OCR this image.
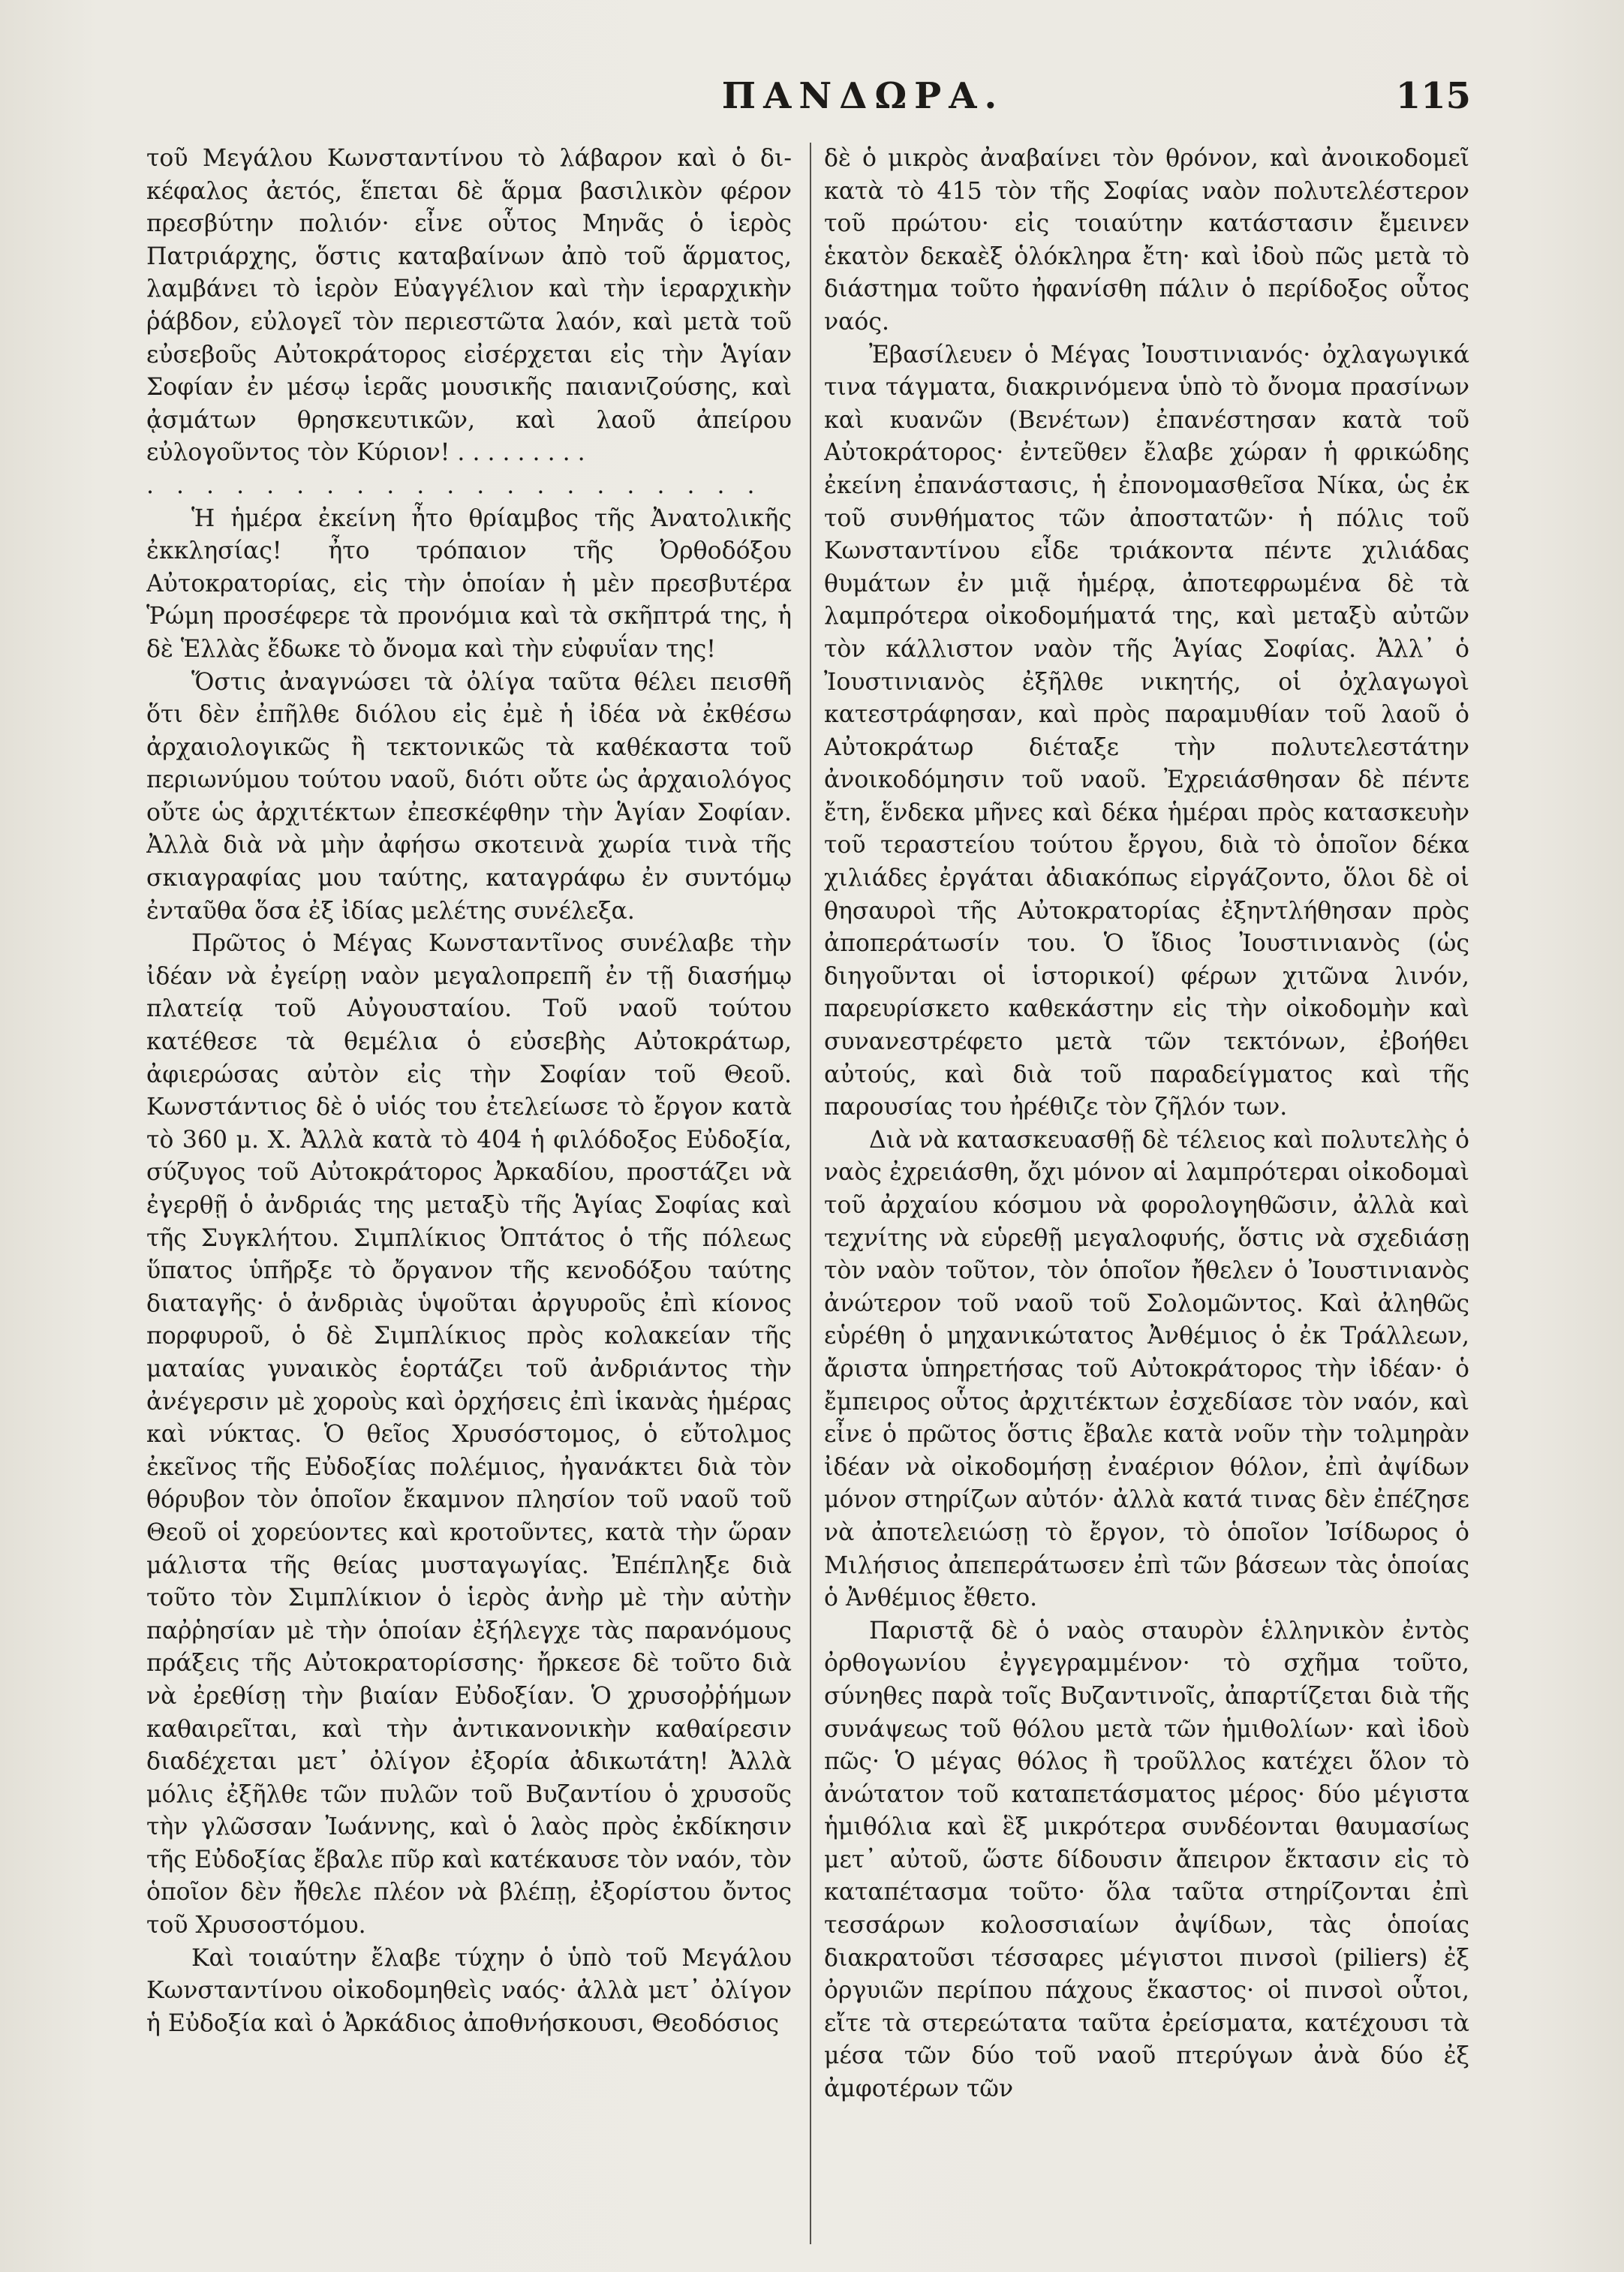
ΠΑΝΔΩΡΑ.	115

τοῦ Μεγάλου Κωνσταντίνου τὸ λάβαρον καὶ ὁ δι-κέφαλος ἀετός, ἕπεται δὲ ἅρμα βασιλικὸν φέρον πρεσβύτην πολιόν· εἶνε οὗτος Μηνᾶς ὁ ἱερὸς Πατριάρχης, ὅστις καταβαίνων ἀπὸ τοῦ ἅρματος, λαμβάνει τὸ ἱερὸν Εὐαγγέλιον καὶ τὴν ἱεραρχικὴν ῥάβδον, εὐλογεῖ τὸν περιεστῶτα λαόν, καὶ μετὰ τοῦ εὐσεβοῦς Αὐτοκράτορος εἰσέρχεται εἰς τὴν Ἁγίαν Σοφίαν ἐν μέσῳ ἱερᾶς μουσικῆς παιανιζούσης, καὶ ᾀσμάτων θρησκευτικῶν, καὶ λαοῦ ἀπείρου εὐλογοῦντος τὸν Κύριον! . . . . . . . . .

. . . . . . . . . . . . . . . . . . . . .

Ἡ ἡμέρα ἐκείνη ἦτο θρίαμβος τῆς Ἀνατολικῆς ἐκκλησίας! ἦτο τρόπαιον τῆς Ὀρθοδόξου Αὐτοκρατορίας, εἰς τὴν ὁποίαν ἡ μὲν πρεσβυτέρα Ῥώμη προσέφερε τὰ προνόμια καὶ τὰ σκῆπτρά της, ἡ δὲ Ἑλλὰς ἔδωκε τὸ ὄνομα καὶ τὴν εὐφυΐαν της!

Ὅστις ἀναγνώσει τὰ ὀλίγα ταῦτα θέλει πεισθῆ ὅτι δὲν ἐπῆλθε διόλου εἰς ἐμὲ ἡ ἰδέα νὰ ἐκθέσω ἀρχαιολογικῶς ἢ τεκτονικῶς τὰ καθέκαστα τοῦ περιωνύμου τούτου ναοῦ, διότι οὔτε ὡς ἀρχαιολόγος οὔτε ὡς ἀρχιτέκτων ἐπεσκέφθην τὴν Ἁγίαν Σοφίαν. Ἀλλὰ διὰ νὰ μὴν ἀφήσω σκοτεινὰ χωρία τινὰ τῆς σκιαγραφίας μου ταύτης, καταγράφω ἐν συντόμῳ ἐνταῦθα ὅσα ἐξ ἰδίας μελέτης συνέλεξα.

Πρῶτος ὁ Μέγας Κωνσταντῖνος συνέλαβε τὴν ἰδέαν νὰ ἐγείρῃ ναὸν μεγαλοπρεπῆ ἐν τῇ διασήμῳ πλατείᾳ τοῦ Αὐγουσταίου. Τοῦ ναοῦ τούτου κατέθεσε τὰ θεμέλια ὁ εὐσεβὴς Αὐτοκράτωρ, ἀφιερώσας αὐτὸν εἰς τὴν Σοφίαν τοῦ Θεοῦ. Κωνστάντιος δὲ ὁ υἱός του ἐτελείωσε τὸ ἔργον κατὰ τὸ 360 μ. Χ. Ἀλλὰ κατὰ τὸ 404 ἡ φιλόδοξος Εὐδοξία, σύζυγος τοῦ Αὐτοκράτορος Ἀρκαδίου, προστάζει νὰ ἐγερθῇ ὁ ἀνδριάς της μεταξὺ τῆς Ἁγίας Σοφίας καὶ τῆς Συγκλήτου. Σιμπλίκιος Ὀπτάτος ὁ τῆς πόλεως ὕπατος ὑπῆρξε τὸ ὄργανον τῆς κενοδόξου ταύτης διαταγῆς· ὁ ἀνδριὰς ὑψοῦται ἀργυροῦς ἐπὶ κίονος πορφυροῦ, ὁ δὲ Σιμπλίκιος πρὸς κολακείαν τῆς ματαίας γυναικὸς ἑορτάζει τοῦ ἀνδριάντος τὴν ἀνέγερσιν μὲ χοροὺς καὶ ὀρχήσεις ἐπὶ ἱκανὰς ἡμέρας καὶ νύκτας. Ὁ θεῖος Χρυσόστομος, ὁ εὔτολμος ἐκεῖνος τῆς Εὐδοξίας πολέμιος, ἠγανάκτει διὰ τὸν θόρυβον τὸν ὁποῖον ἔκαμνον πλησίον τοῦ ναοῦ τοῦ Θεοῦ οἱ χορεύοντες καὶ κροτοῦντες, κατὰ τὴν ὥραν μάλιστα τῆς θείας μυσταγωγίας. Ἐπέπληξε διὰ τοῦτο τὸν Σιμπλίκιον ὁ ἱερὸς ἀνὴρ μὲ τὴν αὐτὴν παῤῥησίαν μὲ τὴν ὁποίαν ἐξήλεγχε τὰς παρανόμους πράξεις τῆς Αὐτοκρατορίσσης· ἤρκεσε δὲ τοῦτο διὰ νὰ ἐρεθίσῃ τὴν βιαίαν Εὐδοξίαν. Ὁ χρυσοῤῥήμων καθαιρεῖται, καὶ τὴν ἀντικανονικὴν καθαίρεσιν διαδέχεται μετ᾽ ὀλίγον ἐξορία ἀδικωτάτη! Ἀλλὰ μόλις ἐξῆλθε τῶν πυλῶν τοῦ Βυζαντίου ὁ χρυσοῦς τὴν γλῶσσαν Ἰωάννης, καὶ ὁ λαὸς πρὸς ἐκδίκησιν τῆς Εὐδοξίας ἔβαλε πῦρ καὶ κατέκαυσε τὸν ναόν, τὸν ὁποῖον δὲν ἤθελε πλέον νὰ βλέπῃ, ἐξορίστου ὄντος τοῦ Χρυσοστόμου.

Καὶ τοιαύτην ἔλαβε τύχην ὁ ὑπὸ τοῦ Μεγάλου Κωνσταντίνου οἰκοδομηθεὶς ναός· ἀλλὰ μετ᾽ ὀλίγον ἡ Εὐδοξία καὶ ὁ Ἀρκάδιος ἀποθνήσκουσι, Θεοδόσιος

δὲ ὁ μικρὸς ἀναβαίνει τὸν θρόνον, καὶ ἀνοικοδομεῖ κατὰ τὸ 415 τὸν τῆς Σοφίας ναὸν πολυτελέστερον τοῦ πρώτου· εἰς τοιαύτην κατάστασιν ἔμεινεν ἑκατὸν δεκαὲξ ὁλόκληρα ἔτη· καὶ ἰδοὺ πῶς μετὰ τὸ διάστημα τοῦτο ἠφανίσθη πάλιν ὁ περίδοξος οὗτος ναός.

Ἐβασίλευεν ὁ Μέγας Ἰουστινιανός· ὀχλαγωγικά τινα τάγματα, διακρινόμενα ὑπὸ τὸ ὄνομα πρασίνων καὶ κυανῶν (Βενέτων) ἐπανέστησαν κατὰ τοῦ Αὐτοκράτορος· ἐντεῦθεν ἔλαβε χώραν ἡ φρικώδης ἐκείνη ἐπανάστασις, ἡ ἐπονομασθεῖσα Νίκα, ὡς ἐκ τοῦ συνθήματος τῶν ἀποστατῶν· ἡ πόλις τοῦ Κωνσταντίνου εἶδε τριάκοντα πέντε χιλιάδας θυμάτων ἐν μιᾷ ἡμέρᾳ, ἀποτεφρωμένα δὲ τὰ λαμπρότερα οἰκοδομήματά της, καὶ μεταξὺ αὐτῶν τὸν κάλλιστον ναὸν τῆς Ἁγίας Σοφίας. Ἀλλ᾽ ὁ Ἰουστινιανὸς ἐξῆλθε νικητής, οἱ ὀχλαγωγοὶ κατεστράφησαν, καὶ πρὸς παραμυθίαν τοῦ λαοῦ ὁ Αὐτοκράτωρ διέταξε τὴν πολυτελεστάτην ἀνοικοδόμησιν τοῦ ναοῦ. Ἐχρειάσθησαν δὲ πέντε ἔτη, ἕνδεκα μῆνες καὶ δέκα ἡμέραι πρὸς κατασκευὴν τοῦ τεραστείου τούτου ἔργου, διὰ τὸ ὁποῖον δέκα χιλιάδες ἐργάται ἀδιακόπως εἰργάζοντο, ὅλοι δὲ οἱ θησαυροὶ τῆς Αὐτοκρατορίας ἐξηντλήθησαν πρὸς ἀποπεράτωσίν του. Ὁ ἴδιος Ἰουστινιανὸς (ὡς διηγοῦνται οἱ ἱστορικοί) φέρων χιτῶνα λινόν, παρευρίσκετο καθεκάστην εἰς τὴν οἰκοδομὴν καὶ συνανεστρέφετο μετὰ τῶν τεκτόνων, ἐβοήθει αὐτούς, καὶ διὰ τοῦ παραδείγματος καὶ τῆς παρουσίας του ἠρέθιζε τὸν ζῆλόν των.

Διὰ νὰ κατασκευασθῇ δὲ τέλειος καὶ πολυτελὴς ὁ ναὸς ἐχρειάσθη, ὄχι μόνον αἱ λαμπρότεραι οἰκοδομαὶ τοῦ ἀρχαίου κόσμου νὰ φορολογηθῶσιν, ἀλλὰ καὶ τεχνίτης νὰ εὑρεθῇ μεγαλοφυής, ὅστις νὰ σχεδιάσῃ τὸν ναὸν τοῦτον, τὸν ὁποῖον ἤθελεν ὁ Ἰουστινιανὸς ἀνώτερον τοῦ ναοῦ τοῦ Σολομῶντος. Καὶ ἀληθῶς εὑρέθη ὁ μηχανικώτατος Ἀνθέμιος ὁ ἐκ Τράλλεων, ἄριστα ὑπηρετήσας τοῦ Αὐτοκράτορος τὴν ἰδέαν· ὁ ἔμπειρος οὗτος ἀρχιτέκτων ἐσχεδίασε τὸν ναόν, καὶ εἶνε ὁ πρῶτος ὅστις ἔβαλε κατὰ νοῦν τὴν τολμηρὰν ἰδέαν νὰ οἰκοδομήσῃ ἐναέριον θόλον, ἐπὶ ἀψίδων μόνον στηρίζων αὐτόν· ἀλλὰ κατά τινας δὲν ἐπέζησε νὰ ἀποτελειώσῃ τὸ ἔργον, τὸ ὁποῖον Ἰσίδωρος ὁ Μιλήσιος ἀπεπεράτωσεν ἐπὶ τῶν βάσεων τὰς ὁποίας ὁ Ἀνθέμιος ἔθετο.

Παριστᾷ δὲ ὁ ναὸς σταυρὸν ἑλληνικὸν ἐντὸς ὀρθογωνίου ἐγγεγραμμένον· τὸ σχῆμα τοῦτο, σύνηθες παρὰ τοῖς Βυζαντινοῖς, ἀπαρτίζεται διὰ τῆς συνάψεως τοῦ θόλου μετὰ τῶν ἡμιθολίων· καὶ ἰδοὺ πῶς· Ὁ μέγας θόλος ἢ τροῦλλος κατέχει ὅλον τὸ ἀνώτατον τοῦ καταπετάσματος μέρος· δύο μέγιστα ἡμιθόλια καὶ ἓξ μικρότερα συνδέονται θαυμασίως μετ᾽ αὐτοῦ, ὥστε δίδουσιν ἄπειρον ἔκτασιν εἰς τὸ καταπέτασμα τοῦτο· ὅλα ταῦτα στηρίζονται ἐπὶ τεσσάρων κολοσσιαίων ἀψίδων, τὰς ὁποίας διακρατοῦσι τέσσαρες μέγιστοι πινσοὶ (piliers) ἐξ ὀργυιῶν περίπου πάχους ἕκαστος· οἱ πινσοὶ οὗτοι, εἴτε τὰ στερεώτατα ταῦτα ἐρείσματα, κατέχουσι τὰ μέσα τῶν δύο τοῦ ναοῦ πτερύγων ἀνὰ δύο ἐξ ἀμφοτέρων τῶν
